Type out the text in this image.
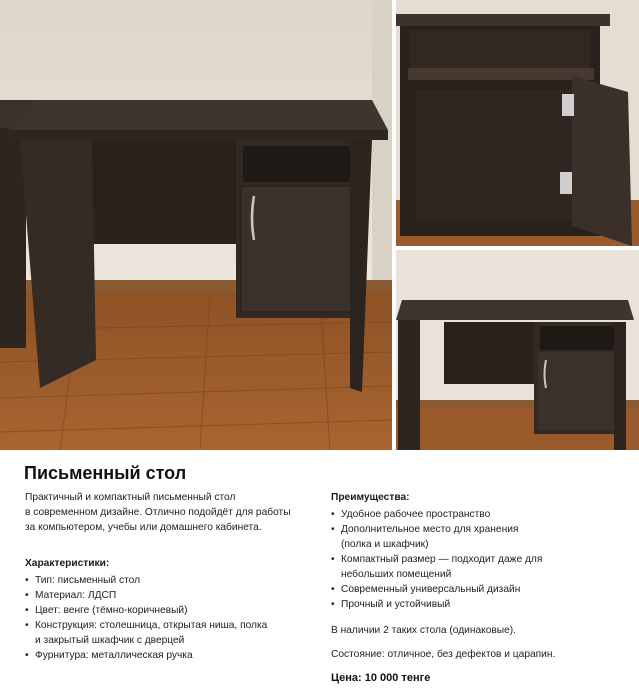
Письменный стол
Практичный и компактный письменный стол
в современном дизайне. Отлично подойдёт для работы
за компьютером, учебы или домашнего кабинета.
Характеристики:
• Тип: письменный стол
• Материал: ЛДСП
• Цвет: венге (тёмно-коричневый)
• Конструкция: столешница, открытая ниша, полка
и закрытый шкафчик с дверцей
• Фурнитура: металлическая ручка
Преимущества:
• Удобное рабочее пространство
• Дополнительное место для хранения
(полка и шкафчик)
• Компактный размер — подходит даже для
небольших помещений
• Современный универсальный дизайн
• Прочный и устойчивый
В наличии 2 таких стола (одинаковые).
Состояние: отличное, без дефектов и царапин.
Цена: 10 000 тенге
